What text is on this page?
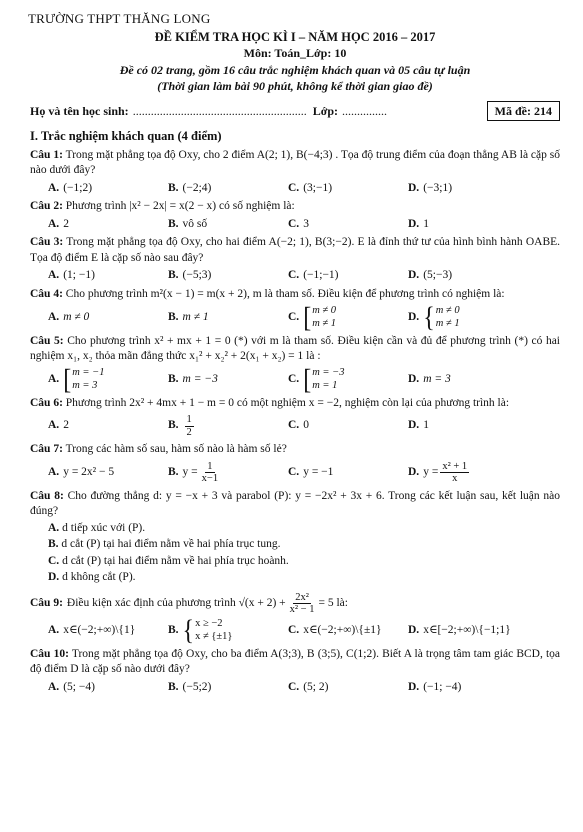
TRƯỜNG THPT THĂNG LONG
ĐỀ KIỂM TRA HỌC KÌ I – NĂM HỌC 2016 – 2017
Môn: Toán_Lớp: 10
Đề có 02 trang, gồm 16 câu trắc nghiệm khách quan và 05 câu tự luận
(Thời gian làm bài 90 phút, không kể thời gian giao đề)
Họ và tên học sinh: .......................................................... Lớp: ...............	Mã đề: 214
I. Trắc nghiệm khách quan (4 điểm)
Câu 1: Trong mặt phẳng tọa độ Oxy, cho 2 điểm A(2; 1), B(−4;3) . Tọa độ trung điểm của đoạn thẳng AB là cặp số nào dưới đây?
A. (−1;2)	B. (−2;4)	C. (3;−1)	D. (−3;1)
Câu 2: Phương trình |x² − 2x| = x(2 − x) có số nghiệm là:
A. 2	B. vô số	C. 3	D. 1
Câu 3: Trong mặt phẳng tọa độ Oxy, cho hai điểm A(−2; 1), B(3;−2). E là đỉnh thứ tư của hình bình hành OABE. Tọa độ điểm E là cặp số nào sau đây?
A. (1; −1)	B. (−5;3)	C. (−1;−1)	D. (5;−3)
Câu 4: Cho phương trình m²(x − 1) = m(x + 2), m là tham số. Điều kiện để phương trình có nghiệm là:
A. m ≠ 0	B. m ≠ 1	C. [ m ≠ 0
m ≠ 1
D. { m ≠ 0
m ≠ 1
Câu 5: Cho phương trình x² + mx + 1 = 0 (*) với m là tham số. Điều kiện cần và đủ để phương trình (*) có hai nghiệm x₁, x₂ thỏa mãn đẳng thức x₁² + x₂² + 2(x₁ + x₂) = 1 là :
A. [ m = −1
m = 3
B. m = −3	C. [ m = −3
m = 1
D. m = 3
Câu 6: Phương trình 2x² + 4mx + 1 − m = 0 có một nghiệm x = −2, nghiệm còn lại của phương trình là:
A. 2	B. $\frac{1}{2}$	C. 0	D. 1
Câu 7: Trong các hàm số sau, hàm số nào là hàm số lẻ?
A. y = 2x² − 5	B. $y = \frac{1}{x-1}$	C. y = −1	D. $y = \frac{\text{x² + 1}}{x}$
Câu 8: Cho đường thẳng d: y = −x + 3 và parabol (P): y = −2x² + 3x + 6. Trong các kết luận sau, kết luận nào đúng?
A. d tiếp xúc với (P).
B. d cắt (P) tại hai điểm nằm về hai phía trục tung.
C. d cắt (P) tại hai điểm nằm về hai phía trục hoành.
D. d không cắt (P).
Câu 9: Điều kiện xác định của phương trình $√(x + 2) + \frac{\text{2x²}}{\text{x² − 1}} = 5$ là:
A. x∈(−2;+∞)\{1}	B. { x ≥ −2
x ≠ {±1}
C. x∈(−2;+∞)\{±1} D. x∈[−2;+∞)\{−1;1}
Câu 10: Trong mặt phẳng tọa độ Oxy, cho ba điểm A(3;3), B (3;5), C(1;2). Biết A là trọng tâm tam giác BCD, tọa độ điểm D là cặp số nào dưới đây?
A. (5; −4)	B. (−5;2)	C. (5; 2)	D. (−1; −4)
